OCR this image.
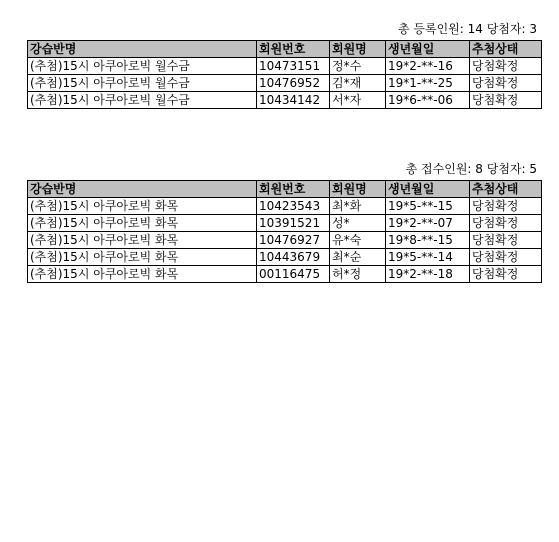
총 등록인원: 14 당첨자: 3
강습반명	회원번호	회원명	생년월일	추첨상태
(추첨)15시 아쿠아로빅 월수금	10473151	정*수	19*2-**-16	당첨확정
(추첨)15시 아쿠아로빅 월수금	10476952	김*재	19*1-**-25	당첨확정
(추첨)15시 아쿠아로빅 월수금	10434142	서*자	19*6-**-06	당첨확정
총 접수인원: 8 당첨자: 5
강습반명	회원번호	회원명	생년월일	추첨상태
(추첨)15시 아쿠아로빅 화목	10423543	최*화	19*5-**-15	당첨확정
(추첨)15시 아쿠아로빅 화목	10391521	성*	19*2-**-07	당첨확정
(추첨)15시 아쿠아로빅 화목	10476927	유*숙	19*8-**-15	당첨확정
(추첨)15시 아쿠아로빅 화목	10443679	최*순	19*5-**-14	당첨확정
(추첨)15시 아쿠아로빅 화목	00116475	허*정	19*2-**-18	당첨확정
